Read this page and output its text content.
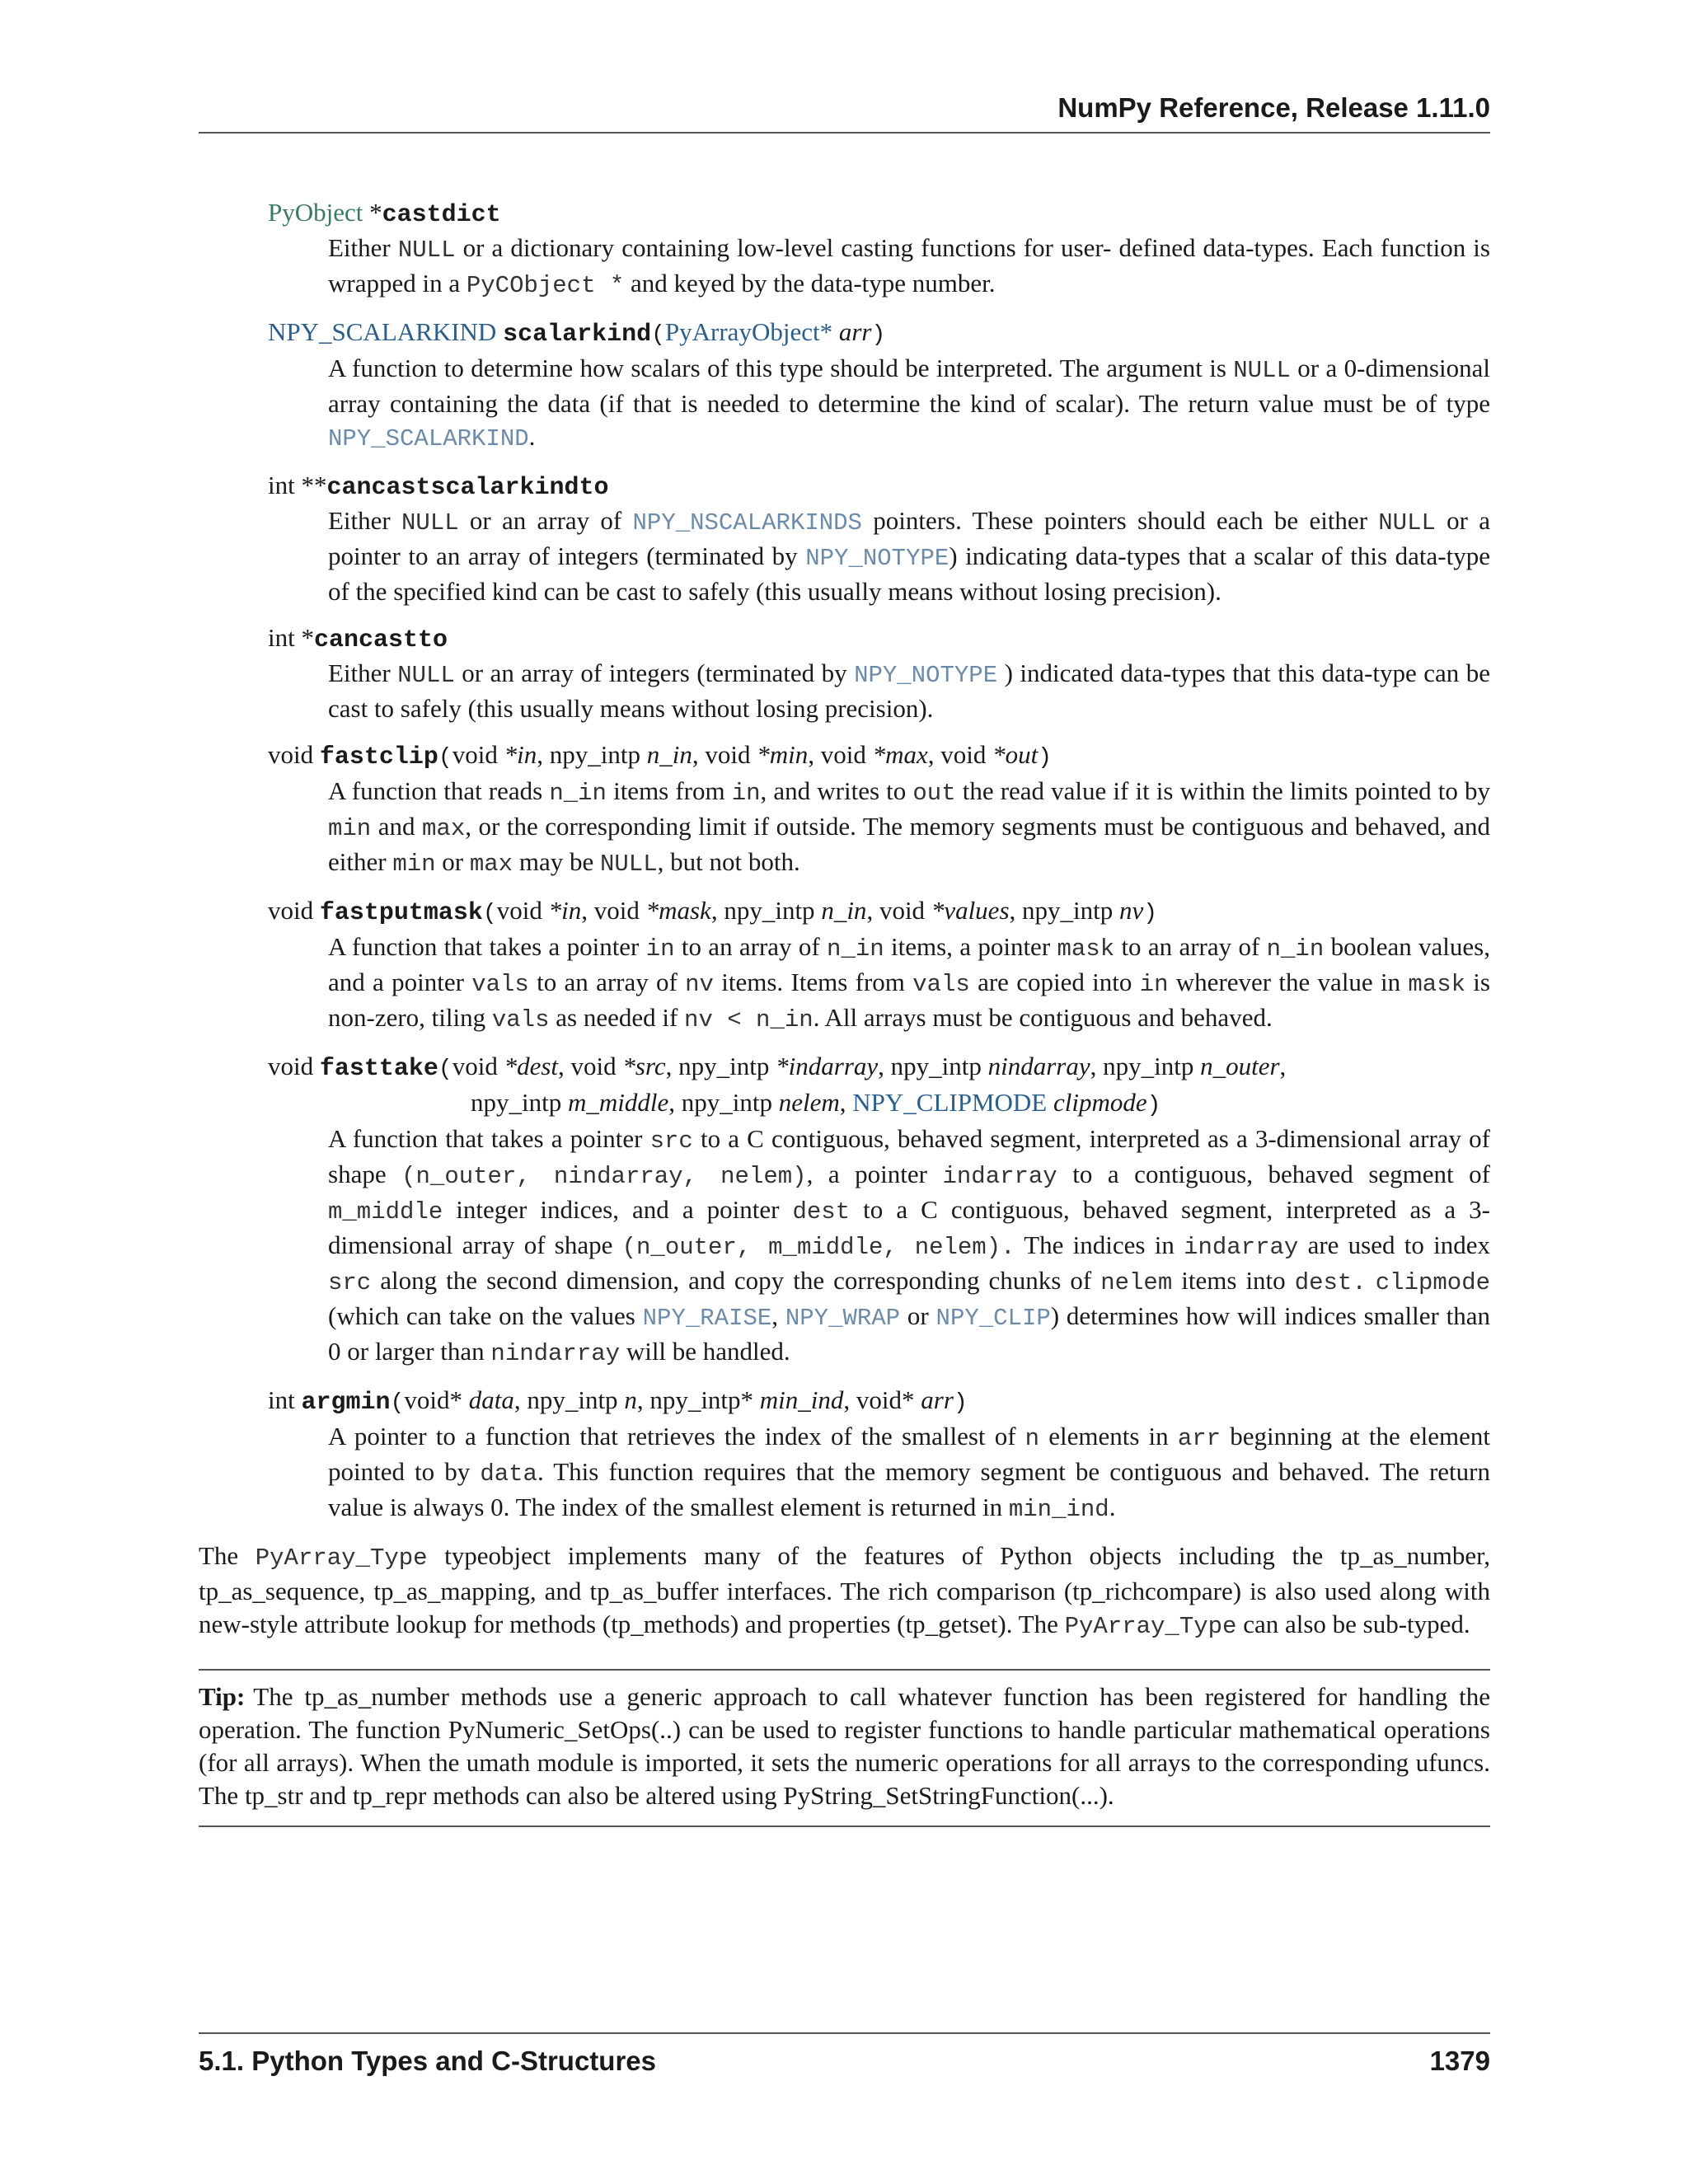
NumPy Reference, Release 1.11.0
PyObject *castdict
Either NULL or a dictionary containing low-level casting functions for user- defined data-types. Each function is wrapped in a PyCObject * and keyed by the data-type number.
NPY_SCALARKIND scalarkind(PyArrayObject* arr)
A function to determine how scalars of this type should be interpreted. The argument is NULL or a 0-dimensional array containing the data (if that is needed to determine the kind of scalar). The return value must be of type NPY_SCALARKIND.
int **cancastscalarkindto
Either NULL or an array of NPY_NSCALARKINDS pointers. These pointers should each be either NULL or a pointer to an array of integers (terminated by NPY_NOTYPE) indicating data-types that a scalar of this data-type of the specified kind can be cast to safely (this usually means without losing precision).
int *cancastto
Either NULL or an array of integers (terminated by NPY_NOTYPE ) indicated data-types that this data-type can be cast to safely (this usually means without losing precision).
void fastclip(void *in, npy_intp n_in, void *min, void *max, void *out)
A function that reads n_in items from in, and writes to out the read value if it is within the limits pointed to by min and max, or the corresponding limit if outside. The memory segments must be contiguous and behaved, and either min or max may be NULL, but not both.
void fastputmask(void *in, void *mask, npy_intp n_in, void *values, npy_intp nv)
A function that takes a pointer in to an array of n_in items, a pointer mask to an array of n_in boolean values, and a pointer vals to an array of nv items. Items from vals are copied into in wherever the value in mask is non-zero, tiling vals as needed if nv < n_in. All arrays must be contiguous and behaved.
void fasttake(void *dest, void *src, npy_intp *indarray, npy_intp nindarray, npy_intp n_outer,
npy_intp m_middle, npy_intp nelem, NPY_CLIPMODE clipmode)
A function that takes a pointer src to a C contiguous, behaved segment, interpreted as a 3-dimensional array of shape (n_outer, nindarray, nelem), a pointer indarray to a contiguous, behaved segment of m_middle integer indices, and a pointer dest to a C contiguous, behaved segment, interpreted as a 3-dimensional array of shape (n_outer, m_middle, nelem). The indices in indarray are used to index src along the second dimension, and copy the corresponding chunks of nelem items into dest. clipmode (which can take on the values NPY_RAISE, NPY_WRAP or NPY_CLIP) determines how will indices smaller than 0 or larger than nindarray will be handled.
int argmin(void* data, npy_intp n, npy_intp* min_ind, void* arr)
A pointer to a function that retrieves the index of the smallest of n elements in arr beginning at the element pointed to by data. This function requires that the memory segment be contiguous and behaved. The return value is always 0. The index of the smallest element is returned in min_ind.

The PyArray_Type typeobject implements many of the features of Python objects including the tp_as_number, tp_as_sequence, tp_as_mapping, and tp_as_buffer interfaces. The rich comparison (tp_richcompare) is also used along with new-style attribute lookup for methods (tp_methods) and properties (tp_getset). The PyArray_Type can also be sub-typed.

Tip: The tp_as_number methods use a generic approach to call whatever function has been registered for handling the operation. The function PyNumeric_SetOps(..) can be used to register functions to handle particular mathematical operations (for all arrays). When the umath module is imported, it sets the numeric operations for all arrays to the corresponding ufuncs. The tp_str and tp_repr methods can also be altered using PyString_SetStringFunction(...).
5.1. Python Types and C-Structures	1379
